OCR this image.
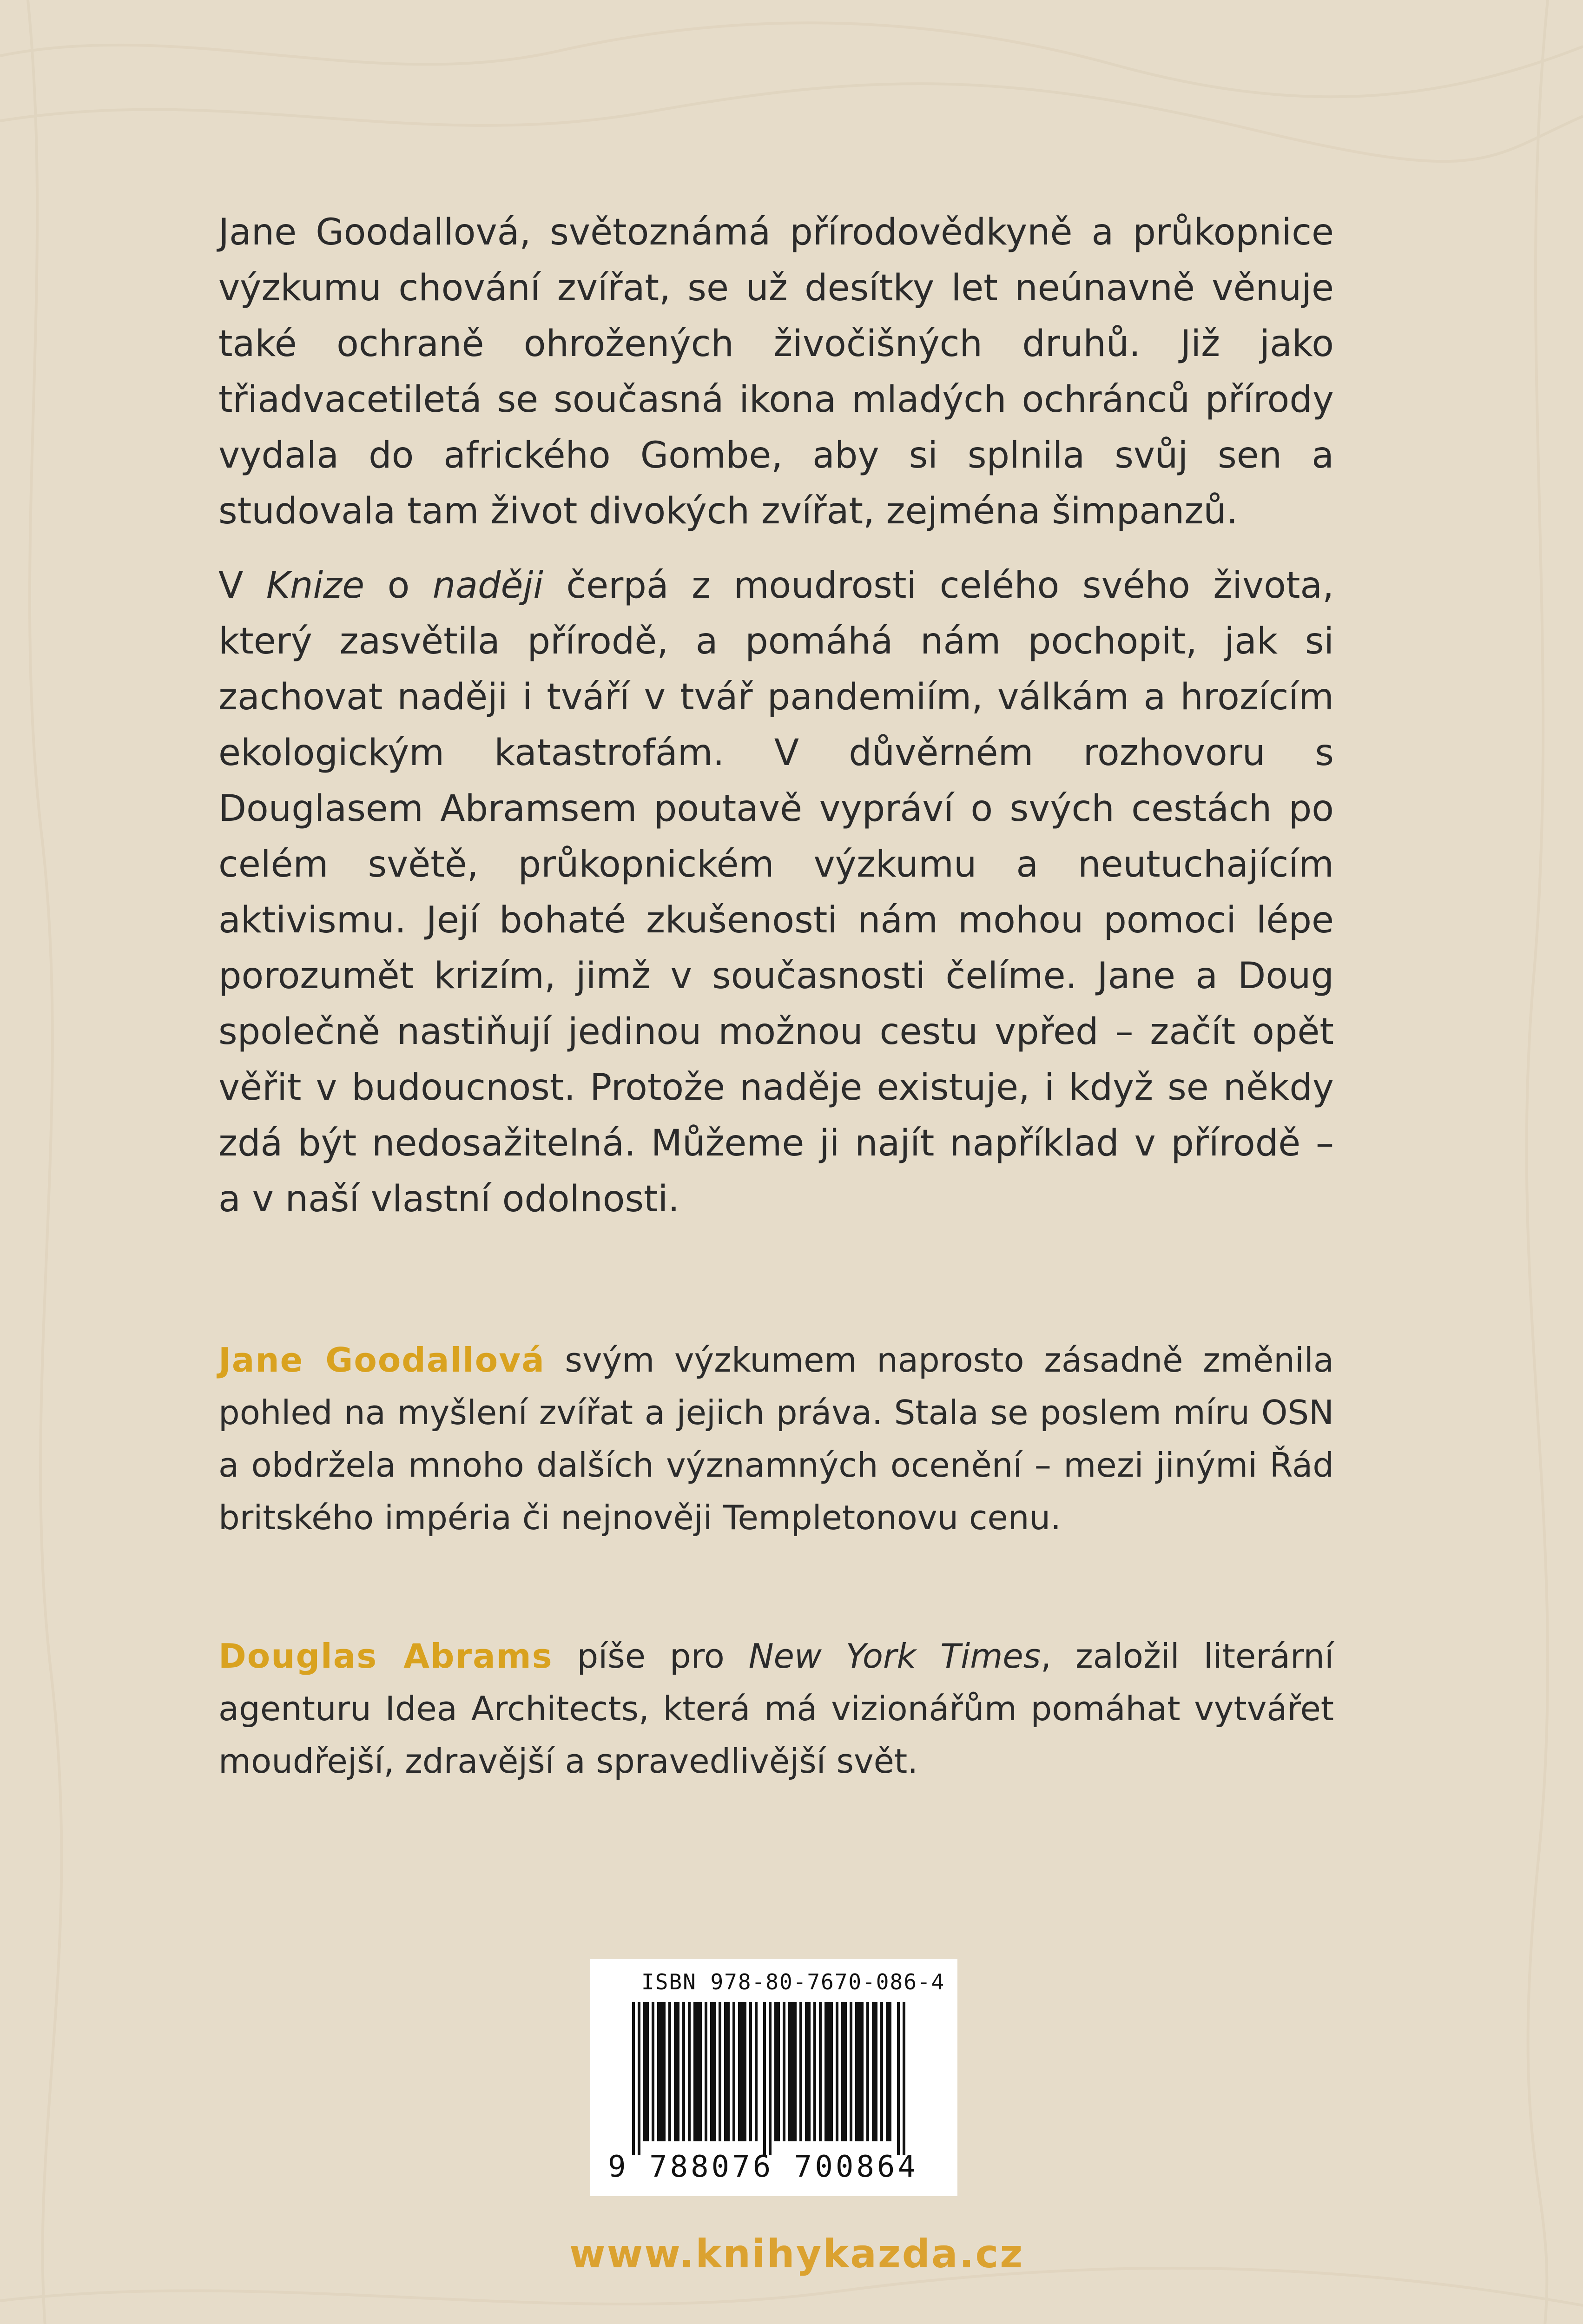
Jane Goodallová, světoznámá přírodovědkyně a průkopnice výzkumu chování zvířat, se už desítky let neúnavně věnuje také ochraně ohrožených živočišných druhů. Již jako třiadvacetiletá se současná ikona mladých ochránců přírody vydala do afrického Gombe, aby si splnila svůj sen a studovala tam život divokých zvířat, zejména šimpanzů.

V Knize o naději čerpá z moudrosti celého svého života, který zasvětila přírodě, a pomáhá nám pochopit, jak si zachovat naději i tváří v tvář pandemiím, válkám a hrozícím ekologickým katastrofám. V důvěrném rozhovoru s Douglasem Abramsem poutavě vypráví o svých cestách po celém světě, průkopnickém výzkumu a neutuchajícím aktivismu. Její bohaté zkušenosti nám mohou pomoci lépe porozumět krizím, jimž v současnosti čelíme. Jane a Doug společně nastiňují jedinou možnou cestu vpřed – začít opět věřit v budoucnost. Protože naděje existuje, i když se někdy zdá být nedosažitelná. Můžeme ji najít například v přírodě – a v naší vlastní odolnosti.

Jane Goodallová svým výzkumem naprosto zásadně změnila pohled na myšlení zvířat a jejich práva. Stala se poslem míru OSN a obdržela mnoho dalších významných ocenění – mezi jinými Řád britského impéria či nejnověji Templetonovu cenu.

Douglas Abrams píše pro New York Times, založil literární agenturu Idea Architects, která má vizionářům pomáhat vytvářet moudřejší, zdravější a spravedlivější svět.

ISBN 978-80-7670-086-4
9 788076 700864
www.knihykazda.cz
